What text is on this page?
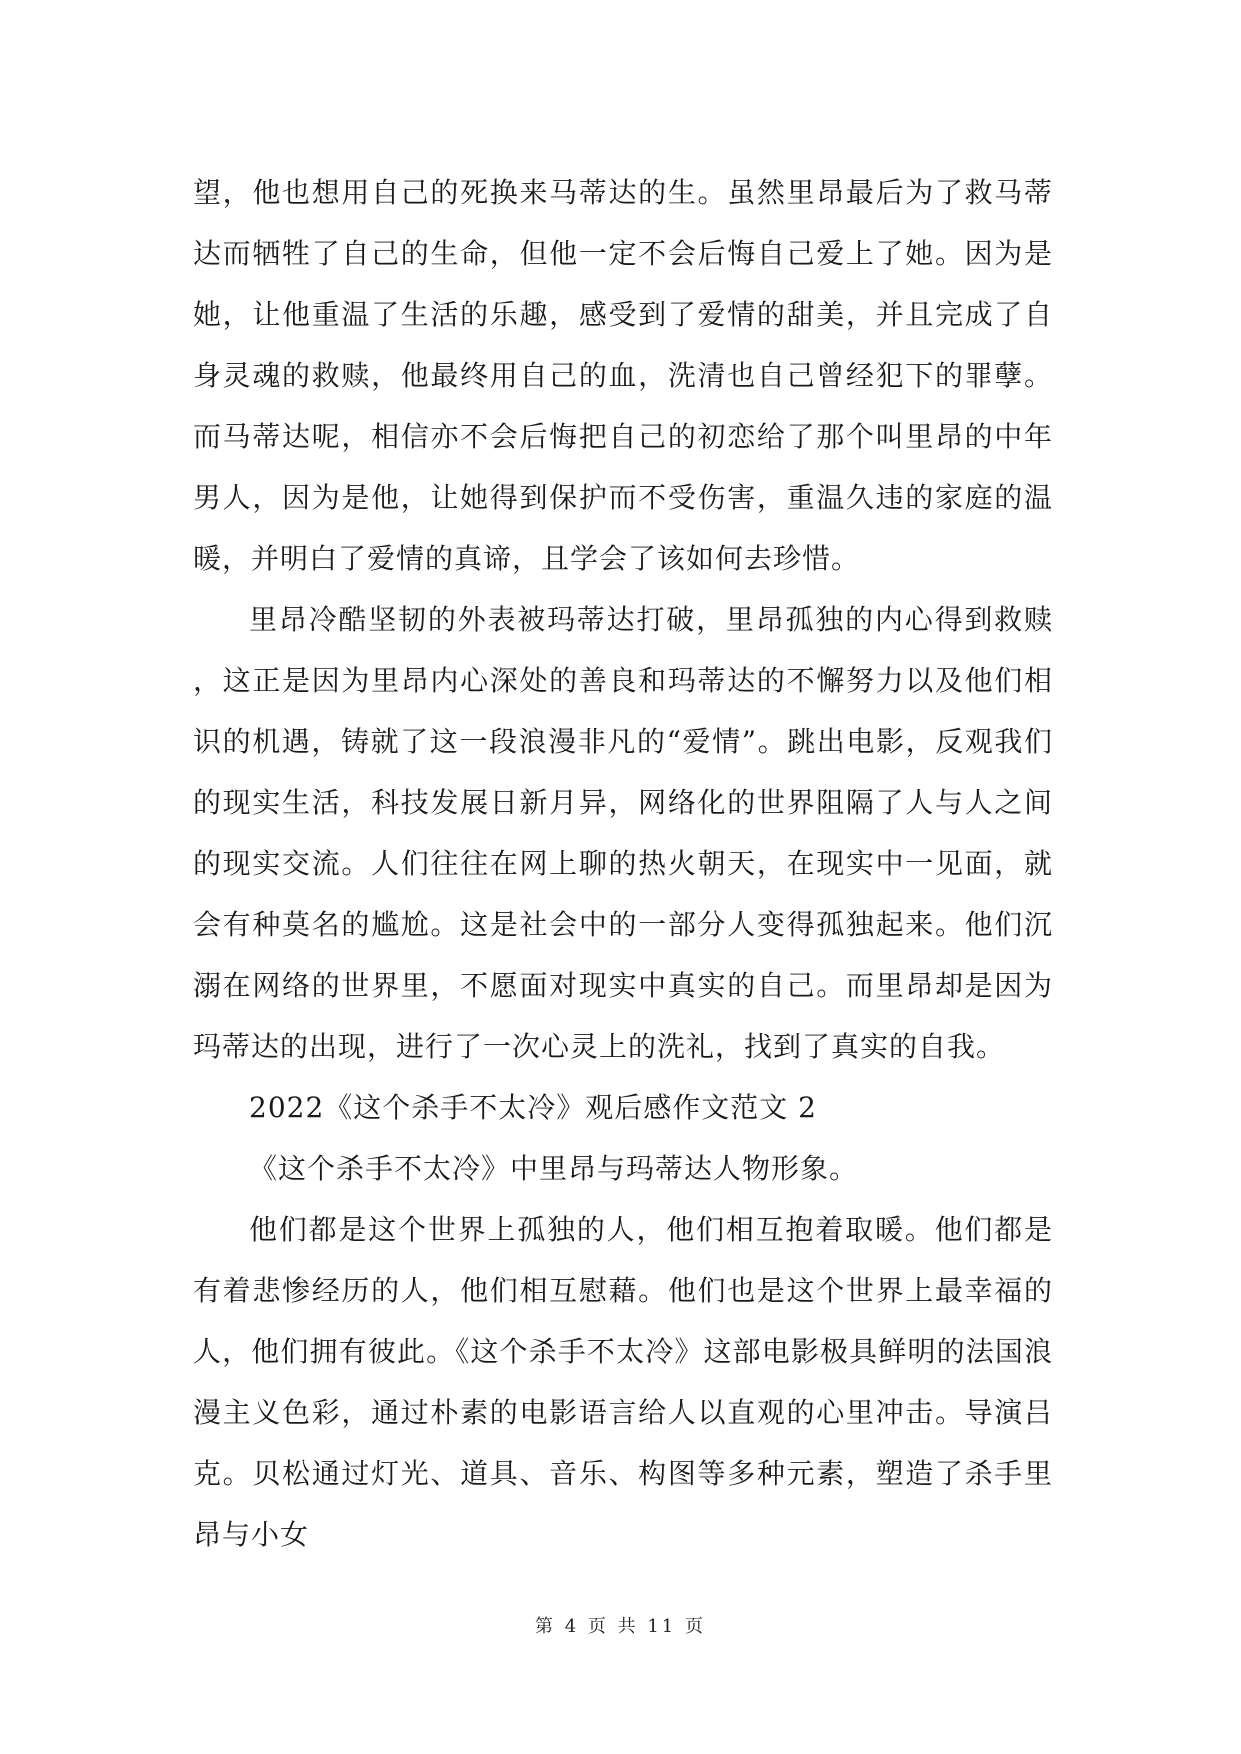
望，他也想用自己的死换来马蒂达的生。虽然里昂最后为了救马蒂达而牺牲了自己的生命，但他一定不会后悔自己爱上了她。因为是她，让他重温了生活的乐趣，感受到了爱情的甜美，并且完成了自身灵魂的救赎，他最终用自己的血，洗清也自己曾经犯下的罪孽。而马蒂达呢，相信亦不会后悔把自己的初恋给了那个叫里昂的中年男人，因为是他，让她得到保护而不受伤害，重温久违的家庭的温暖，并明白了爱情的真谛，且学会了该如何去珍惜。

里昂冷酷坚韧的外表被玛蒂达打破，里昂孤独的内心得到救赎，这正是因为里昂内心深处的善良和玛蒂达的不懈努力以及他们相识的机遇，铸就了这一段浪漫非凡的“爱情”。跳出电影，反观我们的现实生活，科技发展日新月异，网络化的世界阻隔了人与人之间的现实交流。人们往往在网上聊的热火朝天，在现实中一见面，就会有种莫名的尴尬。这是社会中的一部分人变得孤独起来。他们沉溺在网络的世界里，不愿面对现实中真实的自己。而里昂却是因为玛蒂达的出现，进行了一次心灵上的洗礼，找到了真实的自我。

2022《这个杀手不太冷》观后感作文范文 2

《这个杀手不太冷》中里昂与玛蒂达人物形象。

他们都是这个世界上孤独的人，他们相互抱着取暖。他们都是有着悲惨经历的人，他们相互慰藉。他们也是这个世界上最幸福的人，他们拥有彼此。《这个杀手不太冷》这部电影极具鲜明的法国浪漫主义色彩，通过朴素的电影语言给人以直观的心里冲击。导演吕克。贝松通过灯光、道具、音乐、构图等多种元素，塑造了杀手里昂与小女

第 4 页 共 11 页
